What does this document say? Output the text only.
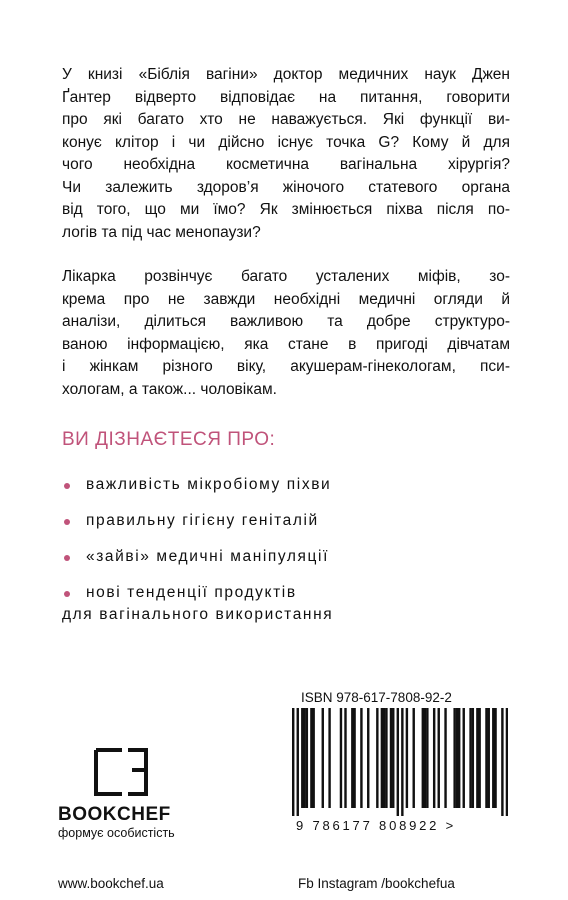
У книзі «Біблія вагіни» доктор медичних наук Джен
Ґантер відверто відповідає на питання, говорити
про які багато хто не наважується. Які функції ви-
конує клітор і чи дійсно існує точка G? Кому й для
чого необхідна косметична вагінальна хірургія?
Чи залежить здоров’я жіночого статевого органа
від того, що ми їмо? Як змінюється піхва після по-
логів та під час менопаузи?
Лікарка розвінчує багато усталених міфів, зо-
крема про не завжди необхідні медичні огляди й
аналізи, ділиться важливою та добре структуро-
ваною інформацією, яка стане в пригоді дівчатам
і жінкам різного віку, акушерам-гінекологам, пси-
хологам, а також... чоловікам.
ВИ ДІЗНАЄТЕСЯ ПРО:
важливість мікробіому піхви
правильну гігієну геніталій
«зайві» медичні маніпуляції
нові тенденції продуктів
для вагінального використання
BOOKCHEF
формує особистість
ISBN 978-617-7808-92-2
9 786177 808922 >
www.bookchef.ua	Fb Instagram /bookchefua
